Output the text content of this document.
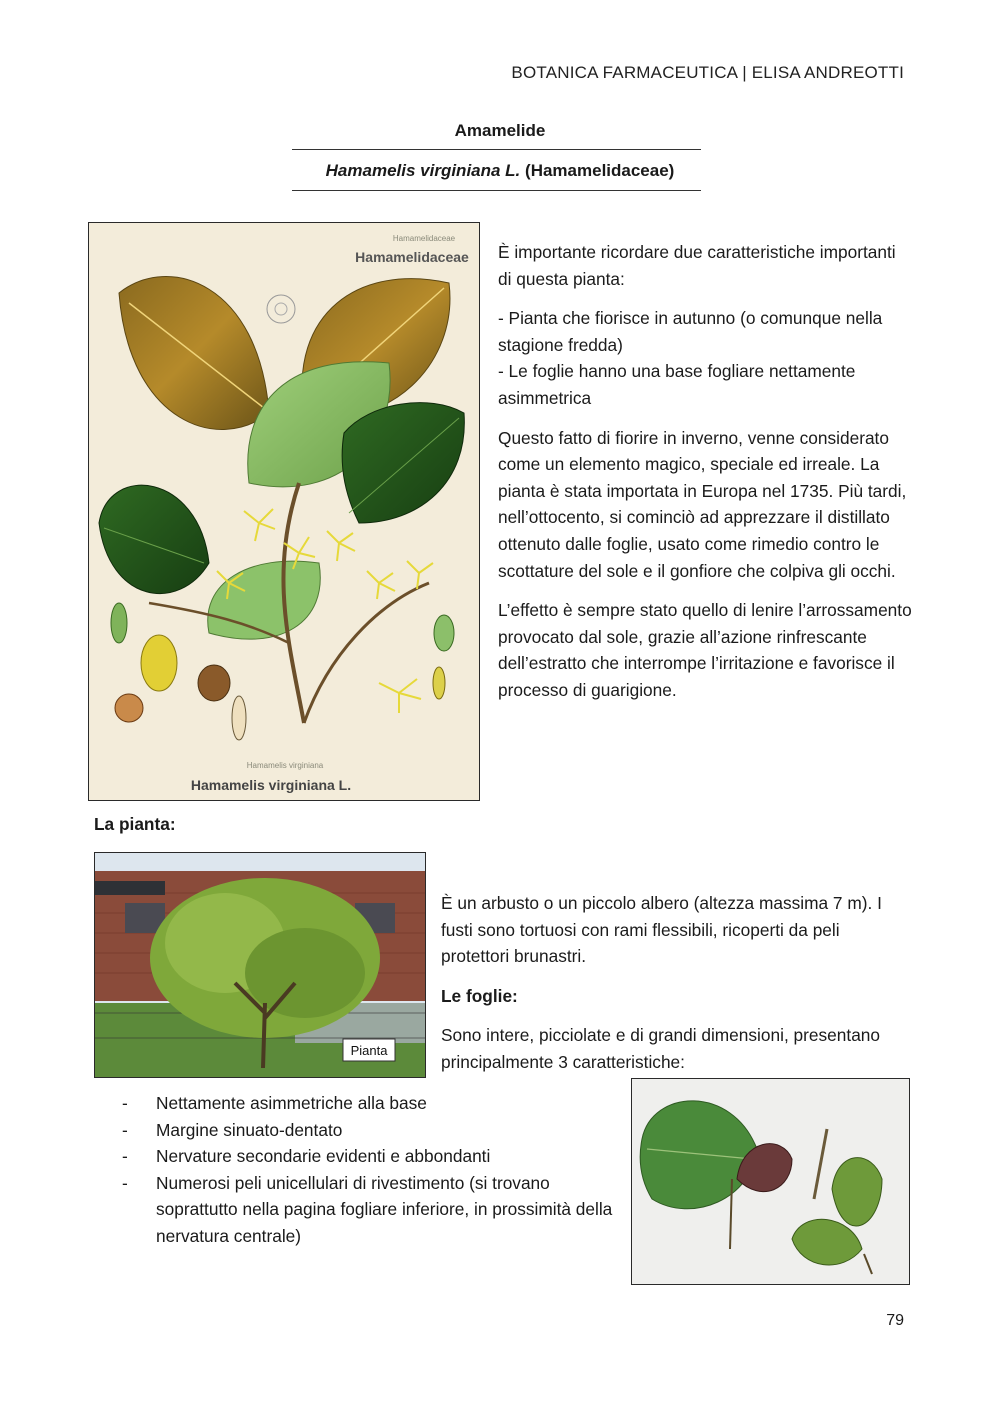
BOTANICA FARMACEUTICA | ELISA ANDREOTTI
Amamelide
Hamamelis virginiana L. (Hamamelidaceae)
Hamamelidaceae
Hamamelidaceae
Hamamelis virginiana
Hamamelis virginiana L.

È importante ricordare due caratteristiche importanti di questa pianta:

- Pianta che fiorisce in autunno (o comunque nella stagione fredda)

- Le foglie hanno una base fogliare nettamente asimmetrica

Questo fatto di fiorire in inverno, venne considerato come un elemento magico, speciale ed irreale. La pianta è stata importata in Europa nel 1735. Più tardi, nell’ottocento, si cominciò ad apprezzare il distillato ottenuto dalle foglie, usato come rimedio contro le scottature del sole e il gonfiore che colpiva gli occhi.

L’effetto è sempre stato quello di lenire l’arrossamento provocato dal sole, grazie all’azione rinfrescante dell’estratto che interrompe l’irritazione e favorisce il processo di guarigione.

La pianta:
Pianta

È un arbusto o un piccolo albero (altezza massima 7 m). I fusti sono tortuosi con rami flessibili, ricoperti da peli protettori brunastri.

Le foglie:

Sono intere, picciolate e di grandi dimensioni, presentano principalmente 3 caratteristiche:

- Nettamente asimmetriche alla base
- Margine sinuato-dentato
- Nervature secondarie evidenti e abbondanti
- Numerosi peli unicellulari di rivestimento (si trovano soprattutto nella pagina fogliare inferiore, in prossimità della nervatura centrale)
79
